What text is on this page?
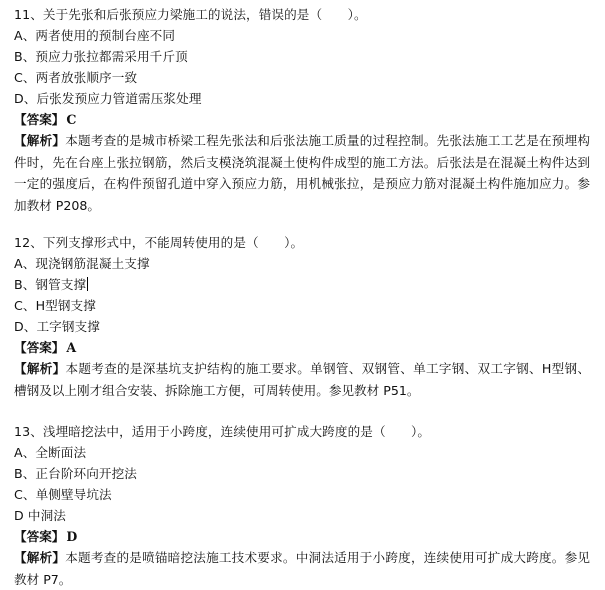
11、关于先张和后张预应力梁施工的说法，错误的是（　　）。
A、两者使用的预制台座不同
B、预应力张拉都需采用千斤顶
C、两者放张顺序一致
D、后张发预应力管道需压浆处理
【答案】 C
【解析】本题考查的是城市桥梁工程先张法和后张法施工质量的过程控制。先张法施工工艺是在预埋构件时，先在台座上张拉钢筋，然后支模浇筑混凝土使构件成型的施工方法。后张法是在混凝土构件达到一定的强度后，在构件预留孔道中穿入预应力筋，用机械张拉，是预应力筋对混凝土构件施加应力。参加教材 P208。
12、下列支撑形式中，不能周转使用的是（　　）。
A、现浇钢筋混凝土支撑
B、钢管支撑
C、H型钢支撑
D、工字钢支撑
【答案】 A
【解析】本题考查的是深基坑支护结构的施工要求。单钢管、双钢管、单工字钢、双工字钢、H型钢、槽钢及以上刚才组合安装、拆除施工方便，可周转使用。参见教材 P51。
13、浅埋暗挖法中，适用于小跨度，连续使用可扩成大跨度的是（　　）。
A、全断面法
B、正台阶环向开挖法
C、单侧壁导坑法
D 中洞法
【答案】 D
【解析】本题考查的是喷锚暗挖法施工技术要求。中洞法适用于小跨度，连续使用可扩成大跨度。参见教材 P7。
